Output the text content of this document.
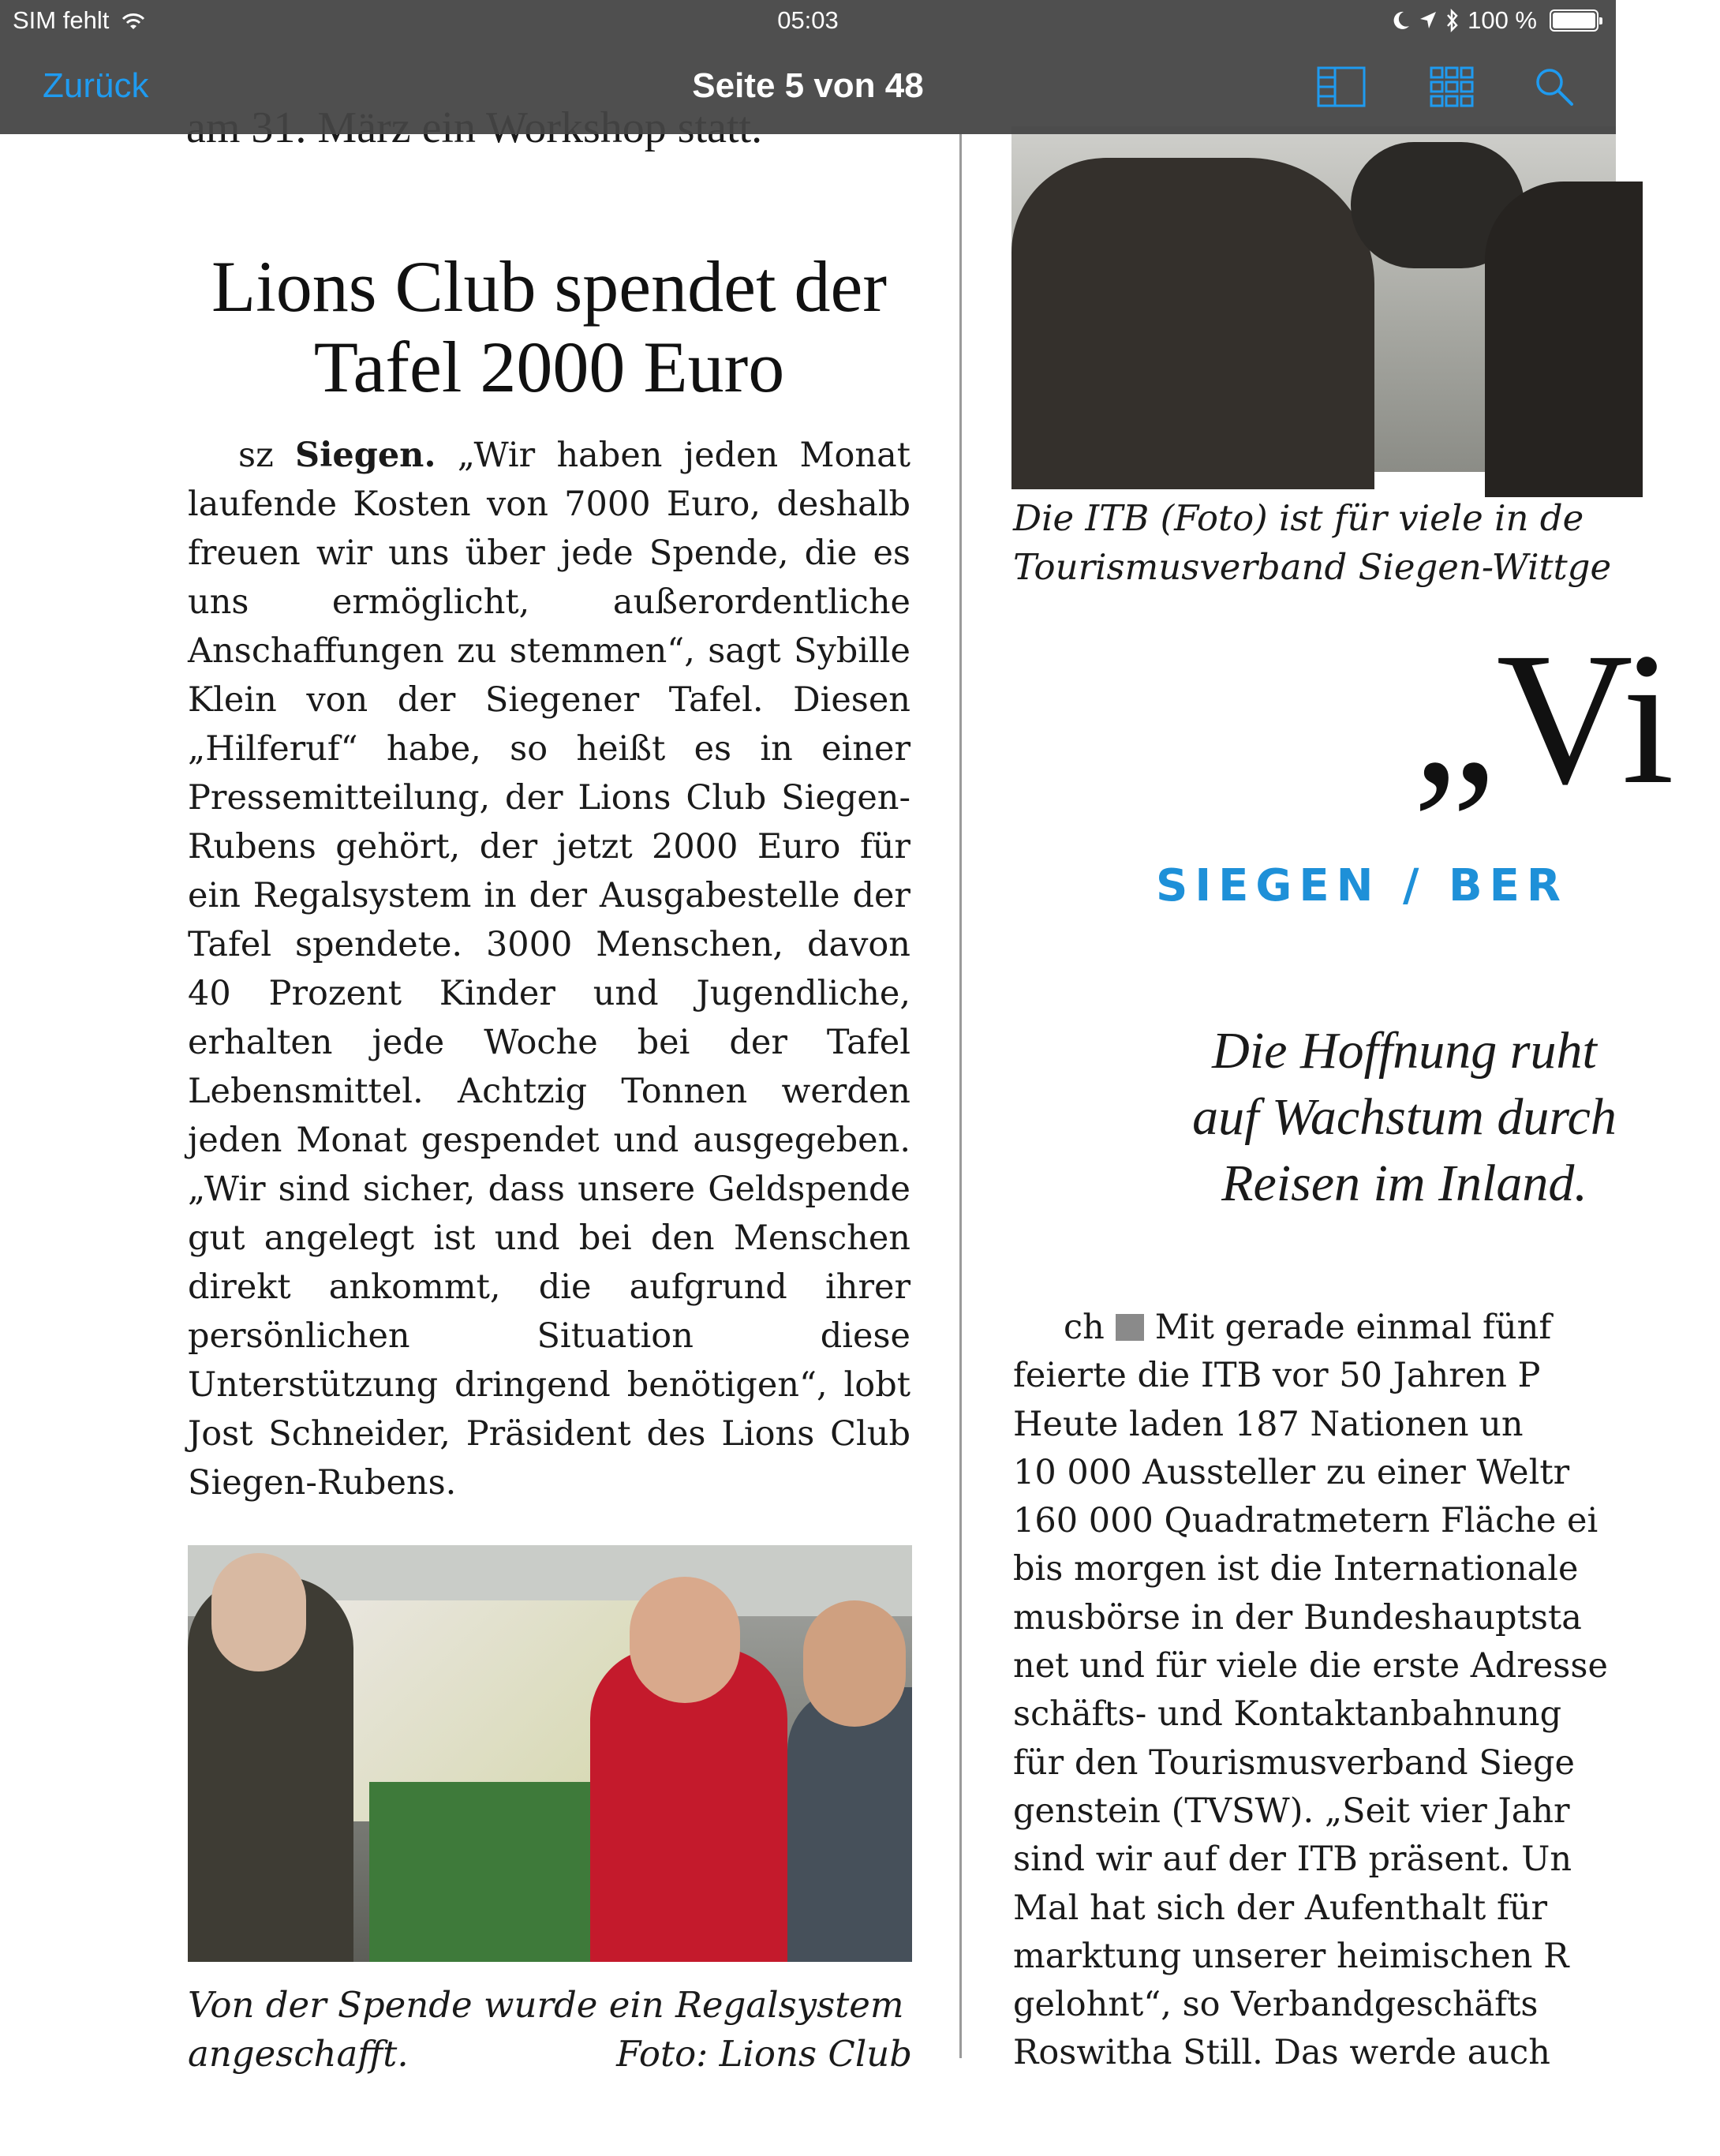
Lions Club spendet der Tafel 2000 Euro

sz Siegen. „Wir haben jeden Monat laufende Kosten von 7000 Euro, deshalb freuen wir uns über jede Spende, die es uns ermöglicht, außerordentliche Anschaffungen zu stemmen“, sagt Sybille Klein von der Siegener Tafel. Diesen „Hilferuf“ habe, so heißt es in einer Pressemitteilung, der Lions Club Siegen-Rubens gehört, der jetzt 2000 Euro für ein Regalsystem in der Ausgabestelle der Tafel spendete. 3000 Menschen, davon 40 Prozent Kinder und Jugendliche, erhalten jede Woche bei der Tafel Lebensmittel. Achtzig Tonnen werden jeden Monat gespendet und ausgegeben. „Wir sind sicher, dass unsere Geldspende gut angelegt ist und bei den Menschen direkt ankommt, die aufgrund ihrer persönlichen Situation diese Unterstützung dringend benötigen“, lobt Jost Schneider, Präsident des Lions Club Siegen-Rubens.

Von der Spende wurde ein Regalsystem angeschafft.	Foto: Lions Club

Die ITB (Foto) ist für viele in de
Tourismusverband Siegen-Wittge

„Vi
SIEGEN / BER

Die Hoffnung ruht
auf Wachstum durch
Reisen im Inland.

ch Mit gerade einmal fünf
feierte die ITB vor 50 Jahren P
Heute laden 187 Nationen un
10 000 Aussteller zu einer Weltr
160 000 Quadratmetern Fläche ei
bis morgen ist die Internationale
musbörse in der Bundeshauptsta
net und für viele die erste Adresse
schäfts- und Kontaktanbahnung
für den Tourismusverband Siege
genstein (TVSW). „Seit vier Jahr
sind wir auf der ITB präsent. Un
Mal hat sich der Aufenthalt für
marktung unserer heimischen R
gelohnt“, so Verbandgeschäfts
Roswitha Still. Das werde auch
SIM fehlt	05:03	100 %
Zurück	Seite 5 von 48
